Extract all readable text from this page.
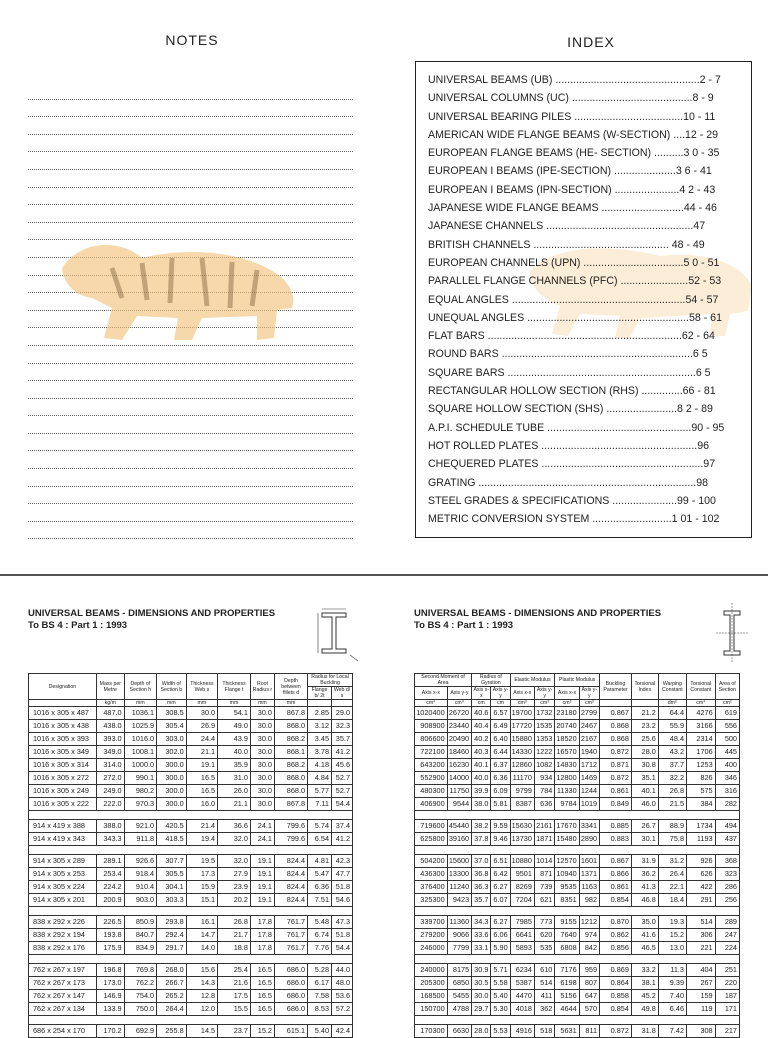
NOTES	INDEX
UNIVERSAL BEAMS (UB) .................................................2 - 7
UNIVERSAL COLUMNS (UC) .........................................8 - 9
UNIVERSAL BEARING PILES .....................................10 - 11
AMERICAN WIDE FLANGE BEAMS (W-SECTION) ....12 - 29
EUROPEAN FLANGE BEAMS (HE- SECTION) ..........3 0 - 35
EUROPEAN I BEAMS (IPE-SECTION) .....................3 6 - 41
EUROPEAN I BEAMS (IPN-SECTION) ......................4 2 - 43
JAPANESE WIDE FLANGE BEAMS ............................44 - 46
JAPANESE CHANNELS ..................................................47
BRITISH CHANNELS .............................................. 48 - 49
EUROPEAN CHANNELS (UPN) ..................................5 0 - 51
PARALLEL FLANGE CHANNELS (PFC) .......................52 - 53
EQUAL ANGLES ...........................................................54 - 57
UNEQUAL ANGLES .......................................................58 - 61
FLAT BARS ..................................................................62 - 64
ROUND BARS .................................................................6 5
SQUARE BARS ................................................................6 5
RECTANGULAR HOLLOW SECTION (RHS) ..............66 - 81
SQUARE HOLLOW SECTION (SHS) ........................8 2 - 89
A.P.I. SCHEDULE TUBE .................................................90 - 95
HOT ROLLED PLATES .....................................................96
CHEQUERED PLATES .......................................................97
GRATING ..........................................................................98
STEEL GRADES & SPECIFICATIONS ......................99 - 100
METRIC CONVERSION SYSTEM ...........................1 01 - 102
UNIVERSAL BEAMS - DIMENSIONS AND PROPERTIES
To BS 4 : Part 1 : 1993
UNIVERSAL BEAMS - DIMENSIONS AND PROPERTIES
To BS 4 : Part 1 : 1993
Designation	Mass per Metre	Depth of Section h	Width of Section b	Thickness Web s	Thickness Flange t	Root Radius r	Depth between fillets d	Radius for Local Buckling	
								Flange b/ 2t	Web d/ s
	kg/m	mm	mm	mm	mm	mm	mm		
1016 x 305 x 487	487.0	1036.1	308.5	30.0	54.1	30.0	867.8	2.85	29.0
1016 x 305 x 438	438.0	1025.9	305.4	26.9	49.0	30.0	868.0	3.12	32.3
1016 x 305 x 393	393.0	1016.0	303.0	24.4	43.9	30.0	868.2	3.45	35.7
1016 x 305 x 349	349.0	1008.1	302.0	21.1	40.0	30.0	868.1	3.78	41.2
1016 x 305 x 314	314.0	1000.0	300.0	19.1	35.9	30.0	868.2	4.18	45.6
1016 x 305 x 272	272.0	990.1	300.0	16.5	31.0	30.0	868.0	4.84	52.7
1016 x 305 x 249	249.0	980.2	300.0	16.5	26.0	30.0	868.0	5.77	52.7
1016 x 305 x 222	222.0	970.3	300.0	16.0	21.1	30.0	867.8	7.11	54.4

914 x 419 x 388	388.0	921.0	420.5	21.4	36.6	24.1	799.6	5.74	37.4
914 x 419 x 343	343.3	911.8	418.5	19.4	32.0	24.1	799.6	6.54	41.2

914 x 305 x 289	289.1	926.6	307.7	19.5	32.0	19.1	824.4	4.81	42.3
914 x 305 x 253	253.4	918.4	305.5	17.3	27.9	19.1	824.4	5.47	47.7
914 x 305 x 224	224.2	910.4	304.1	15.9	23.9	19.1	824.4	6.36	51.8
914 x 305 x 201	200.9	903.0	303.3	15.1	20.2	19.1	824.4	7.51	54.6

838 x 292 x 226	226.5	850.9	293.8	16.1	26.8	17.8	761.7	5.48	47.3
838 x 292 x 194	193.8	840.7	292.4	14.7	21.7	17.8	761.7	6.74	51.8
838 x 292 x 176	175.9	834.9	291.7	14.0	18.8	17.8	761.7	7.76	54.4

762 x 267 x 197	196.8	769.8	268.0	15.6	25.4	16.5	686.0	5.28	44.0
762 x 267 x 173	173.0	762.2	266.7	14.3	21.6	16.5	686.0	6.17	48.0
762 x 267 x 147	146.9	754.0	265.2	12.8	17.5	16.5	686.0	7.58	53.6
762 x 267 x 134	133.9	750.0	264.4	12.0	15.5	16.5	686.0	8.53	57.2

686 x 254 x 170	170.2	692.9	255.8	14.5	23.7	15.2	615.1	5.40	42.4
Second Moment of Area		Radius of Gyration		Elastic Modulus		Plastic Modulus		Buckling Parameter	Torsional Index	Warping Constant	Torsional Constant	Area of Section
Axis x-x	Axis y-y	Axis x-x	Axis y-y	Axis x-x	Axis y-y	Axis x-x	Axis y-y					
cm⁴	cm⁴	cm	cm	cm³	cm³	cm³	cm³			dm⁶	cm⁴	cm²
1020400	26720	40.6	6.57	19700	1732	23180	2799	0.867	21.2	64.4	4276	619
908900	23440	40.4	6.49	17720	1535	20740	2467	0.868	23.2	55.9	3166	556
806600	20490	40.2	6.40	15880	1353	18520	2167	0.868	25.6	48.4	2314	500
722100	18460	40.3	6.44	14330	1222	16570	1940	0.872	28.0	43.2	1706	445
643200	16230	40.1	6.37	12860	1082	14830	1712	0.871	30.8	37.7	1253	400
552900	14000	40.0	6.36	11170	934	12800	1469	0.872	35.1	32.2	826	346
480300	11750	39.9	6.09	9799	784	11330	1244	0.861	40.1	26.8	575	316
406900	9544	38.0	5.81	8387	636	9784	1019	0.849	46.0	21.5	384	282

719600	45440	38.2	9.59	15630	2161	17670	3341	0.885	26.7	88.9	1734	494
625800	39160	37.8	9.46	13730	1871	15480	2890	0.883	30.1	75.8	1193	437

504200	15600	37.0	6.51	10880	1014	12570	1601	0.867	31.9	31.2	926	368
436300	13300	36.8	6.42	9501	871	10940	1371	0.866	36.2	26.4	626	323
376400	11240	36.3	6.27	8269	739	9535	1163	0.861	41.3	22.1	422	286
325300	9423	35.7	6.07	7204	621	8351	982	0.854	46.8	18.4	291	256

339700	11360	34.3	6.27	7985	773	9155	1212	0.870	35.0	19.3	514	289
279200	9066	33.6	6.06	6641	620	7640	974	0.862	41.6	15.2	306	247
246000	7799	33.1	5.90	5893	535	6808	842	0.856	46.5	13.0	221	224

240000	8175	30.9	5.71	6234	610	7176	959	0.869	33.2	11.3	404	251
205300	6850	30.5	5.58	5387	514	6198	807	0.864	38.1	9.39	267	220
168500	5455	30.0	5.40	4470	411	5156	647	0.858	45.2	7.40	159	187
150700	4788	29.7	5.30	4018	362	4644	570	0.854	49.8	6.46	119	171

170300	6630	28.0	5.53	4916	518	5631	811	0.872	31.8	7.42	308	217
